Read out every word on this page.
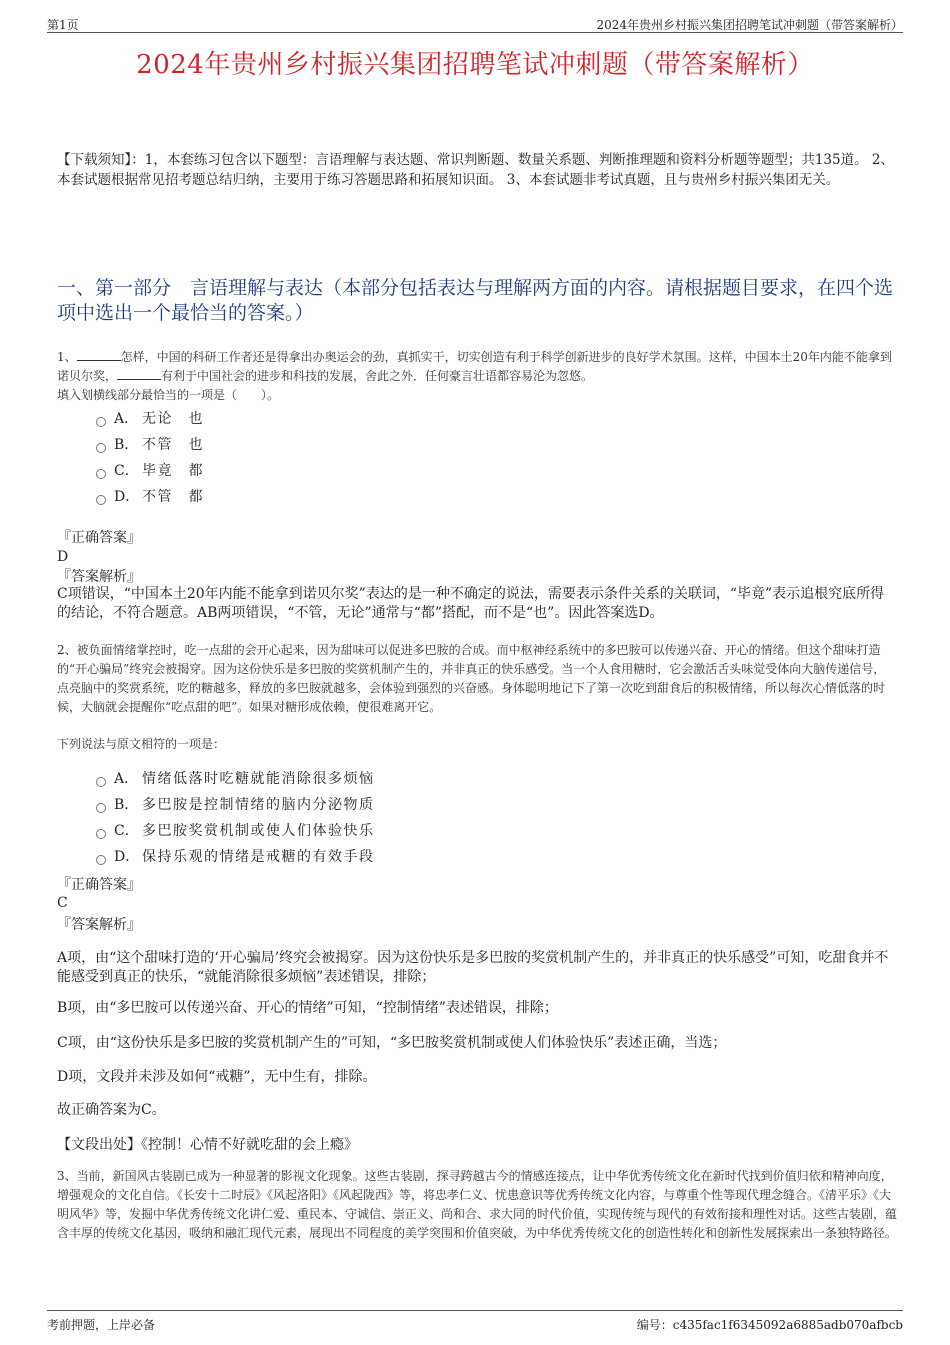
第1页	2024年贵州乡村振兴集团招聘笔试冲刺题（带答案解析）
2024年贵州乡村振兴集团招聘笔试冲刺题（带答案解析）
【下载须知】：1，本套练习包含以下题型：言语理解与表达题、常识判断题、数量关系题、判断推理题和资料分析题等题型；共135道。 2、本套试题根据常见招考题总结归纳，主要用于练习答题思路和拓展知识面。 3、本套试题非考试真题，且与贵州乡村振兴集团无关。
一、第一部分　言语理解与表达（本部分包括表达与理解两方面的内容。请根据题目要求，在四个选项中选出一个最恰当的答案。）
1、	怎样，中国的科研工作者还是得拿出办奥运会的劲，真抓实干，切实创造有利于科学创新进步的良好学术氛围。这样，中国本土20年内能不能拿到诺贝尔奖，	有利于中国社会的进步和科技的发展，舍此之外．任何豪言壮语都容易沦为忽悠。
填入划横线部分最恰当的一项是（　　）。
A． 无论　也
B． 不管　也
C． 毕竟　都
D． 不管　都
『正确答案』
D
『答案解析』
C项错误，“中国本土20年内能不能拿到诺贝尔奖”表达的是一种不确定的说法，需要表示条件关系的关联词，“毕竟”表示追根究底所得的结论，不符合题意。AB两项错误，“不管，无论”通常与“都”搭配，而不是“也”。因此答案选D。
2、被负面情绪掌控时，吃一点甜的会开心起来，因为甜味可以促进多巴胺的合成。而中枢神经系统中的多巴胺可以传递兴奋、开心的情绪。但这个甜味打造的“开心骗局”终究会被揭穿。因为这份快乐是多巴胺的奖赏机制产生的，并非真正的快乐感受。当一个人食用糖时，它会激活舌头味觉受体向大脑传递信号，点亮脑中的奖赏系统，吃的糖越多，释放的多巴胺就越多，会体验到强烈的兴奋感。身体聪明地记下了第一次吃到甜食后的积极情绪，所以每次心情低落的时候，大脑就会提醒你“吃点甜的吧”。如果对糖形成依赖，便很难离开它。
下列说法与原文相符的一项是：
A． 情绪低落时吃糖就能消除很多烦恼
B． 多巴胺是控制情绪的脑内分泌物质
C． 多巴胺奖赏机制或使人们体验快乐
D． 保持乐观的情绪是戒糖的有效手段
『正确答案』
C
『答案解析』
A项，由“这个甜味打造的‘开心骗局’终究会被揭穿。因为这份快乐是多巴胺的奖赏机制产生的，并非真正的快乐感受”可知，吃甜食并不能感受到真正的快乐，“就能消除很多烦恼”表述错误，排除；
B项，由“多巴胺可以传递兴奋、开心的情绪”可知，“控制情绪”表述错误，排除；
C项，由“这份快乐是多巴胺的奖赏机制产生的”可知，“多巴胺奖赏机制或使人们体验快乐”表述正确，当选；
D项，文段并未涉及如何“戒糖”，无中生有，排除。
故正确答案为C。
【文段出处】《控制！心情不好就吃甜的会上瘾》
3、当前，新国风古装剧已成为一种显著的影视文化现象。这些古装剧，探寻跨越古今的情感连接点，让中华优秀传统文化在新时代找到价值归依和精神向度，增强观众的文化自信。《长安十二时辰》《风起洛阳》《风起陇西》等，将忠孝仁义、忧患意识等优秀传统文化内容，与尊重个性等现代理念缝合。《清平乐》《大明风华》等，发掘中华优秀传统文化讲仁爱、重民本、守诚信、崇正义、尚和合、求大同的时代价值，实现传统与现代的有效衔接和理性对话。这些古装剧，蕴含丰厚的传统文化基因，吸纳和融汇现代元素，展现出不同程度的美学突围和价值突破，为中华优秀传统文化的创造性转化和创新性发展探索出一条独特路径。
考前押题，上岸必备	编号：c435fac1f6345092a6885adb070afbcb
